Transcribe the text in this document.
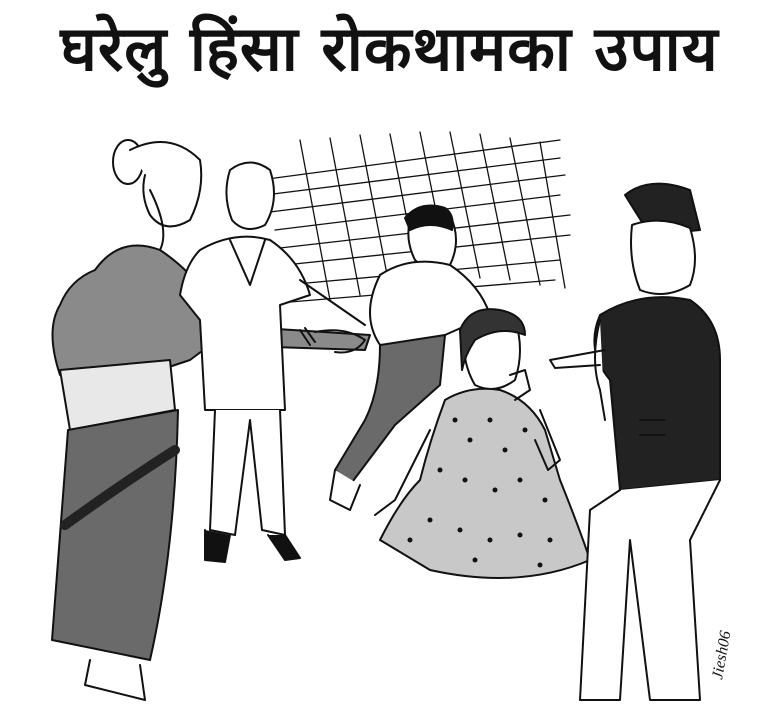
घरेलु हिंसा रोकथामका उपाय
Jiesh06
